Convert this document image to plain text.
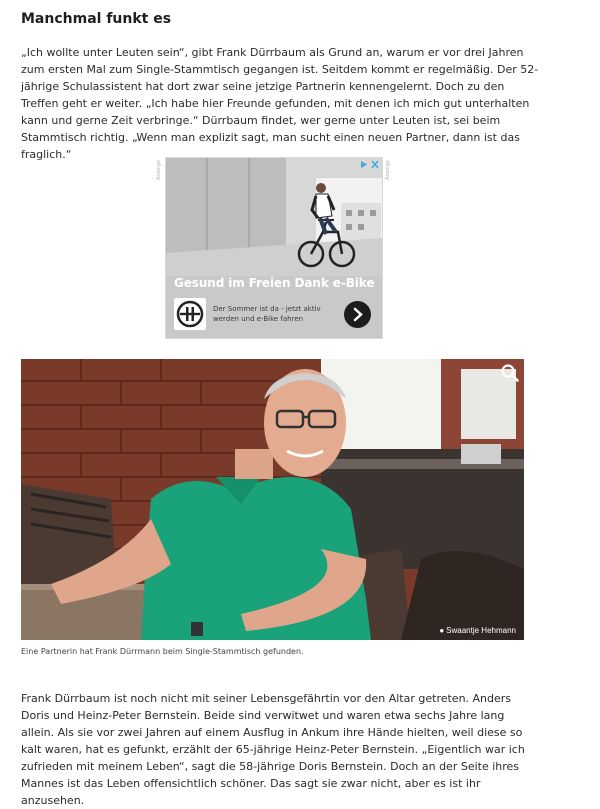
Manchmal funkt es

„Ich wollte unter Leuten sein“, gibt Frank Dürrbaum als Grund an, warum er vor drei Jahren zum ersten Mal zum Single-Stammtisch gegangen ist. Seitdem kommt er regelmäßig. Der 52-jährige Schulassistent hat dort zwar seine jetzige Partnerin kennengelernt. Doch zu den Treffen geht er weiter. „Ich habe hier Freunde gefunden, mit denen ich mich gut unterhalten kann und gerne Zeit verbringe.“ Dürrbaum findet, wer gerne unter Leuten ist, sei beim Stammtisch richtig. „Wenn man explizit sagt, man sucht einen neuen Partner, dann ist das fraglich.“

Anzeige	Anzeige
Gesund im Freien Dank e-Bike
Der Sommer ist da - jetzt aktiv werden und e-Bike fahren
● Swaantje Hehmann

Eine Partnerin hat Frank Dürrmann beim Single-Stammtisch gefunden.

Frank Dürrbaum ist noch nicht mit seiner Lebensgefährtin vor den Altar getreten. Anders Doris und Heinz-Peter Bernstein. Beide sind verwitwet und waren etwa sechs Jahre lang allein. Als sie vor zwei Jahren auf einem Ausflug in Ankum ihre Hände hielten, weil diese so kalt waren, hat es gefunkt, erzählt der 65-jährige Heinz-Peter Bernstein. „Eigentlich war ich zufrieden mit meinem Leben“, sagt die 58-jährige Doris Bernstein. Doch an der Seite ihres Mannes ist das Leben offensichtlich schöner. Das sagt sie zwar nicht, aber es ist ihr anzusehen.
